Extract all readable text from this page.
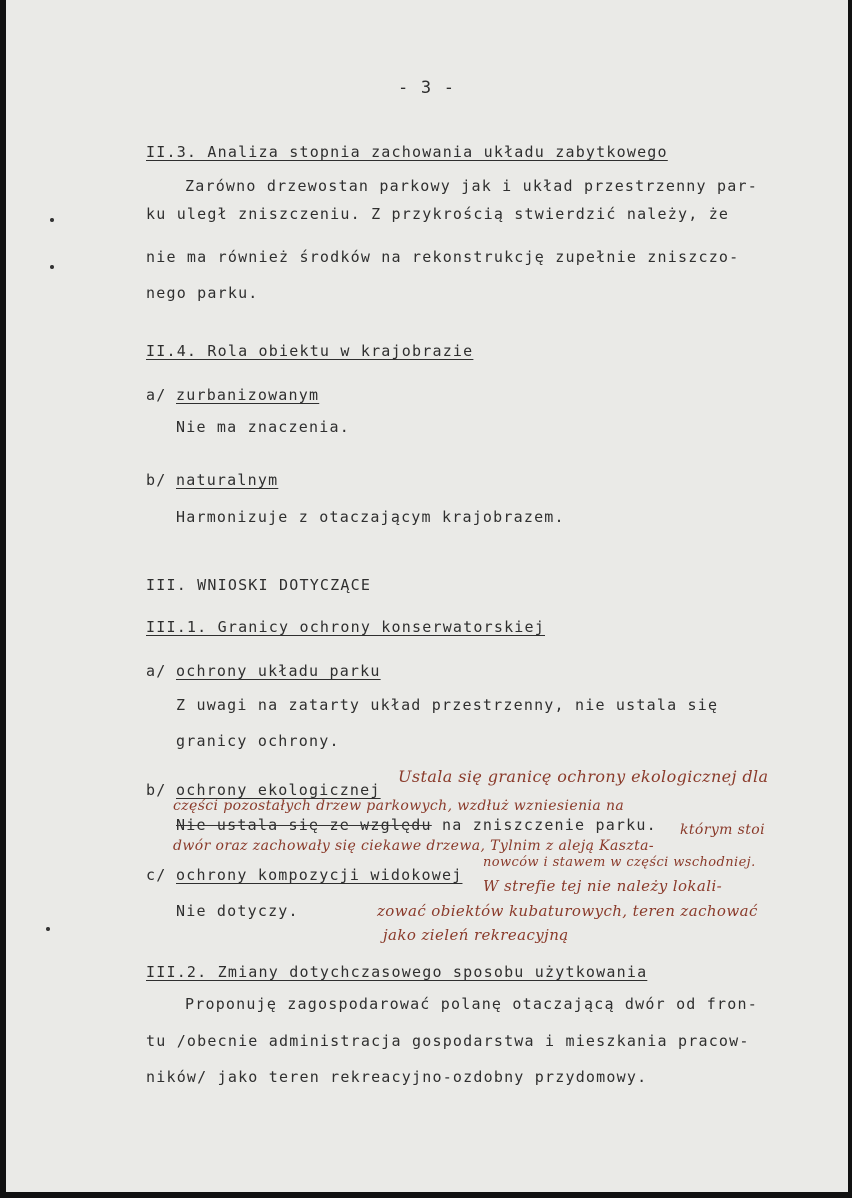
- 3 -
II.3. Analiza stopnia zachowania układu zabytkowego
Zarówno drzewostan parkowy jak i układ przestrzenny par-
ku uległ zniszczeniu. Z przykrością stwierdzić należy, że
nie ma również środków na rekonstrukcję zupełnie zniszczo-
nego parku.
II.4. Rola obiektu w krajobrazie
a/ zurbanizowanym
Nie ma znaczenia.
b/ naturalnym
Harmonizuje z otaczającym krajobrazem.
III. WNIOSKI DOTYCZĄCE
III.1. Granicy ochrony konserwatorskiej
a/ ochrony układu parku
Z uwagi na zatarty układ przestrzenny, nie ustala się
granicy ochrony.
b/ ochrony ekologicznej
Nie ustala się ze względu na zniszczenie parku.
c/ ochrony kompozycji widokowej
Nie dotyczy.
Ustala się granicę ochrony ekologicznej dla
części pozostałych drzew parkowych, wzdłuż wzniesienia na
którym stoi
dwór oraz zachowały się ciekawe drzewa, Tylnim z aleją Kaszta-
nowców i stawem w części wschodniej.
W strefie tej nie należy lokali-
zować obiektów kubaturowych, teren zachować
jako zieleń rekreacyjną
III.2. Zmiany dotychczasowego sposobu użytkowania
Proponuję zagospodarować polanę otaczającą dwór od fron-
tu /obecnie administracja gospodarstwa i mieszkania pracow-
ników/ jako teren rekreacyjno-ozdobny przydomowy.
